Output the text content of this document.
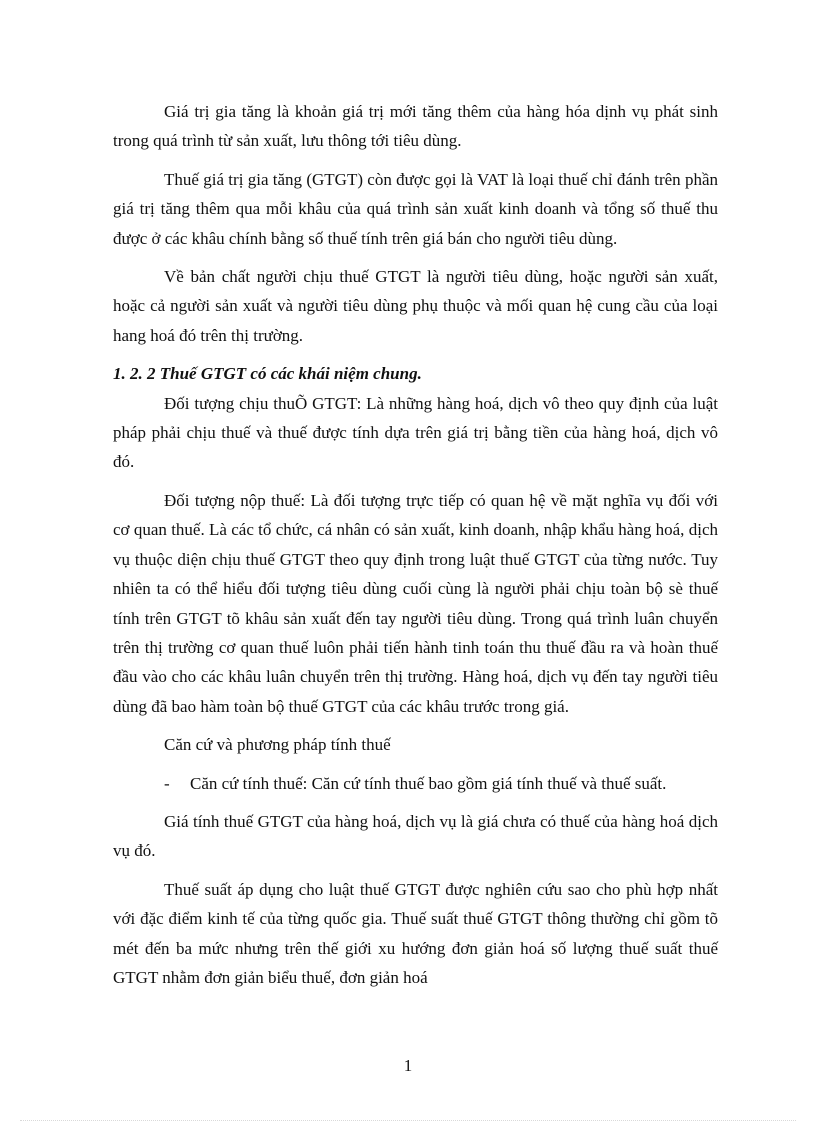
Giá trị gia tăng là khoản giá trị mới tăng thêm của hàng hóa dịnh vụ phát sinh trong quá trình từ sản xuất, lưu thông tới tiêu dùng.

Thuế giá trị gia tăng (GTGT) còn được gọi là VAT là loại thuế chỉ đánh trên phần giá trị tăng thêm qua mỗi khâu của quá trình sản xuất kinh doanh và tổng số thuế thu được ở các khâu chính bằng số thuế tính trên giá bán cho người tiêu dùng.

Về bản chất người chịu thuế GTGT là người tiêu dùng, hoặc người sản xuất, hoặc cả người sản xuất và người tiêu dùng phụ thuộc và mối quan hệ cung cầu của loại hang hoá đó trên thị trường.

1. 2. 2 Thuế GTGT có các khái niệm chung.

Đối tượng chịu thuÕ GTGT: Là những hàng hoá, dịch vô theo quy định của luật pháp phải chịu thuế và thuế được tính dựa trên giá trị bằng tiền của hàng hoá, dịch vô đó.

Đối tượng nộp thuế: Là đối tượng trực tiếp có quan hệ về mặt nghĩa vụ đối với cơ quan thuế. Là các tổ chức, cá nhân có sản xuất, kinh doanh, nhập khẩu hàng hoá, dịch vụ thuộc diện chịu thuế GTGT theo quy định trong luật thuế GTGT của từng nước. Tuy nhiên ta có thể hiểu đối tượng tiêu dùng cuối cùng là người phải chịu toàn bộ sè thuế tính trên GTGT tõ khâu sản xuất đến tay người tiêu dùng. Trong quá trình luân chuyển trên thị trường cơ quan thuế luôn phải tiến hành tinh toán thu thuế đầu ra và hoàn thuế đầu vào cho các khâu luân chuyển trên thị trường. Hàng hoá, dịch vụ đến tay người tiêu dùng đã bao hàm toàn bộ thuế GTGT của các khâu trước trong giá.

Căn cứ và phương pháp tính thuế

- Căn cứ tính thuế: Căn cứ tính thuế bao gồm giá tính thuế và thuế suất.

Giá tính thuế GTGT của hàng hoá, dịch vụ là giá chưa có thuế của hàng hoá dịch vụ đó.

Thuế suất áp dụng cho luật thuế GTGT được nghiên cứu sao cho phù hợp nhất với đặc điểm kinh tế của từng quốc gia. Thuế suất thuế GTGT thông thường chỉ gồm tõ mét đến ba mức nhưng trên thế giới xu hướng đơn giản hoá số lượng thuế suất thuế GTGT nhằm đơn giản biểu thuế, đơn giản hoá

1
